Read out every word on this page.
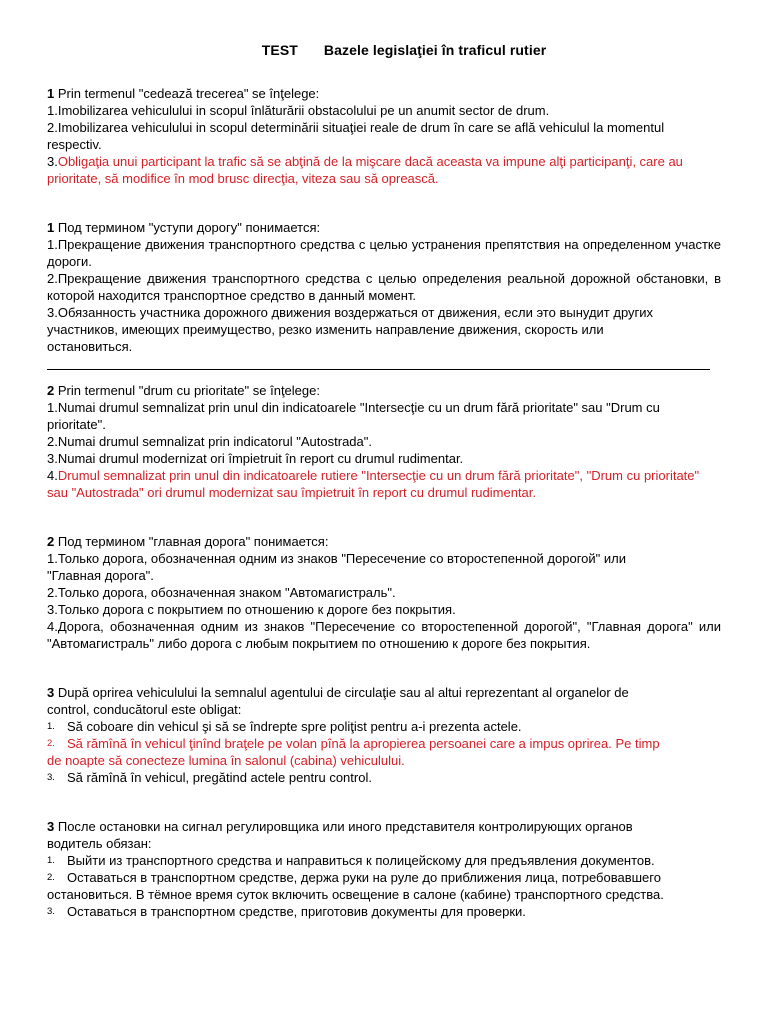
TEST Bazele legislaţiei în traficul rutier
1 Prin termenul "cedează trecerea" se înţelege:
1.Imobilizarea vehiculului in scopul înlăturării obstacolului pe un anumit sector de drum.
2.Imobilizarea vehiculului in scopul determinării situaţiei reale de drum în care se află vehiculul la momentul respectiv.
3.Obligaţia unui participant la trafic să se abţină de la mişcare dacă aceasta va impune alţi participanţi, care au prioritate, să modifice în mod brusc direcţia, viteza sau să oprească.
1 Под термином "уступи дорогу" понимается:
1.Прекращение движения транспортного средства с целью устранения препятствия на определенном участке дороги.
2.Прекращение движения транспортного средства с целью определения реальной дорожной обстановки, в которой находится транспортное средство в данный момент.
3.Обязанность участника дорожного движения воздержаться от движения, если это вынудит других
участников, имеющих преимущество, резко изменить направление движения, скорость или
остановиться.
2 Prin termenul "drum cu prioritate" se înţelege:
1.Numai drumul semnalizat prin unul din indicatoarele "Intersecţie cu un drum fără prioritate" sau "Drum cu prioritate".
2.Numai drumul semnalizat prin indicatorul "Autostrada".
3.Numai drumul modernizat ori împietruit în report cu drumul rudimentar.
4.Drumul semnalizat prin unul din indicatoarele rutiere "Intersecţie cu un drum fără prioritate", "Drum cu prioritate" sau "Autostrada" ori drumul modernizat sau împietruit în report cu drumul rudimentar.
2 Под термином "главная дорога" понимается:
1.Только дорога, обозначенная одним из знаков "Пересечение со второстепенной дорогой" или
"Главная дорога".
2.Только дорога, обозначенная знаком "Автомагистраль".
3.Только дорога с покрытием по отношению к дороге без покрытия.
4.Дорога, обозначенная одним из знаков "Пересечение со второстепенной дорогой", "Главная дорога" или "Автомагистраль" либо дорога с любым покрытием по отношению к дороге без покрытия.
3 După oprirea vehiculului la semnalul agentului de circulaţie sau al altui reprezentant al organelor de
control, conducătorul este obligat:
1. Să coboare din vehicul şi să se îndrepte spre poliţist pentru a-i prezenta actele.
2. Să rămînă în vehicul ţinînd braţele pe volan pînă la apropierea persoanei care a impus oprirea. Pe timp
de noapte să conecteze lumina în salonul (cabina) vehiculului.
3. Să rămînă în vehicul, pregătind actele pentru control.
3 После остановки на сигнал регулировщика или иного представителя контролирующих органов
водитель обязан:
1. Выйти из транспортного средства и направиться к полицейскому для предъявления документов.
2. Оставаться в транспортном средстве, держа руки на руле до приближения лица, потребовавшего
остановиться. В тёмное время суток включить освещение в салоне (кабине) транспортного средства.
3. Оставаться в транспортном средстве, приготовив документы для проверки.
